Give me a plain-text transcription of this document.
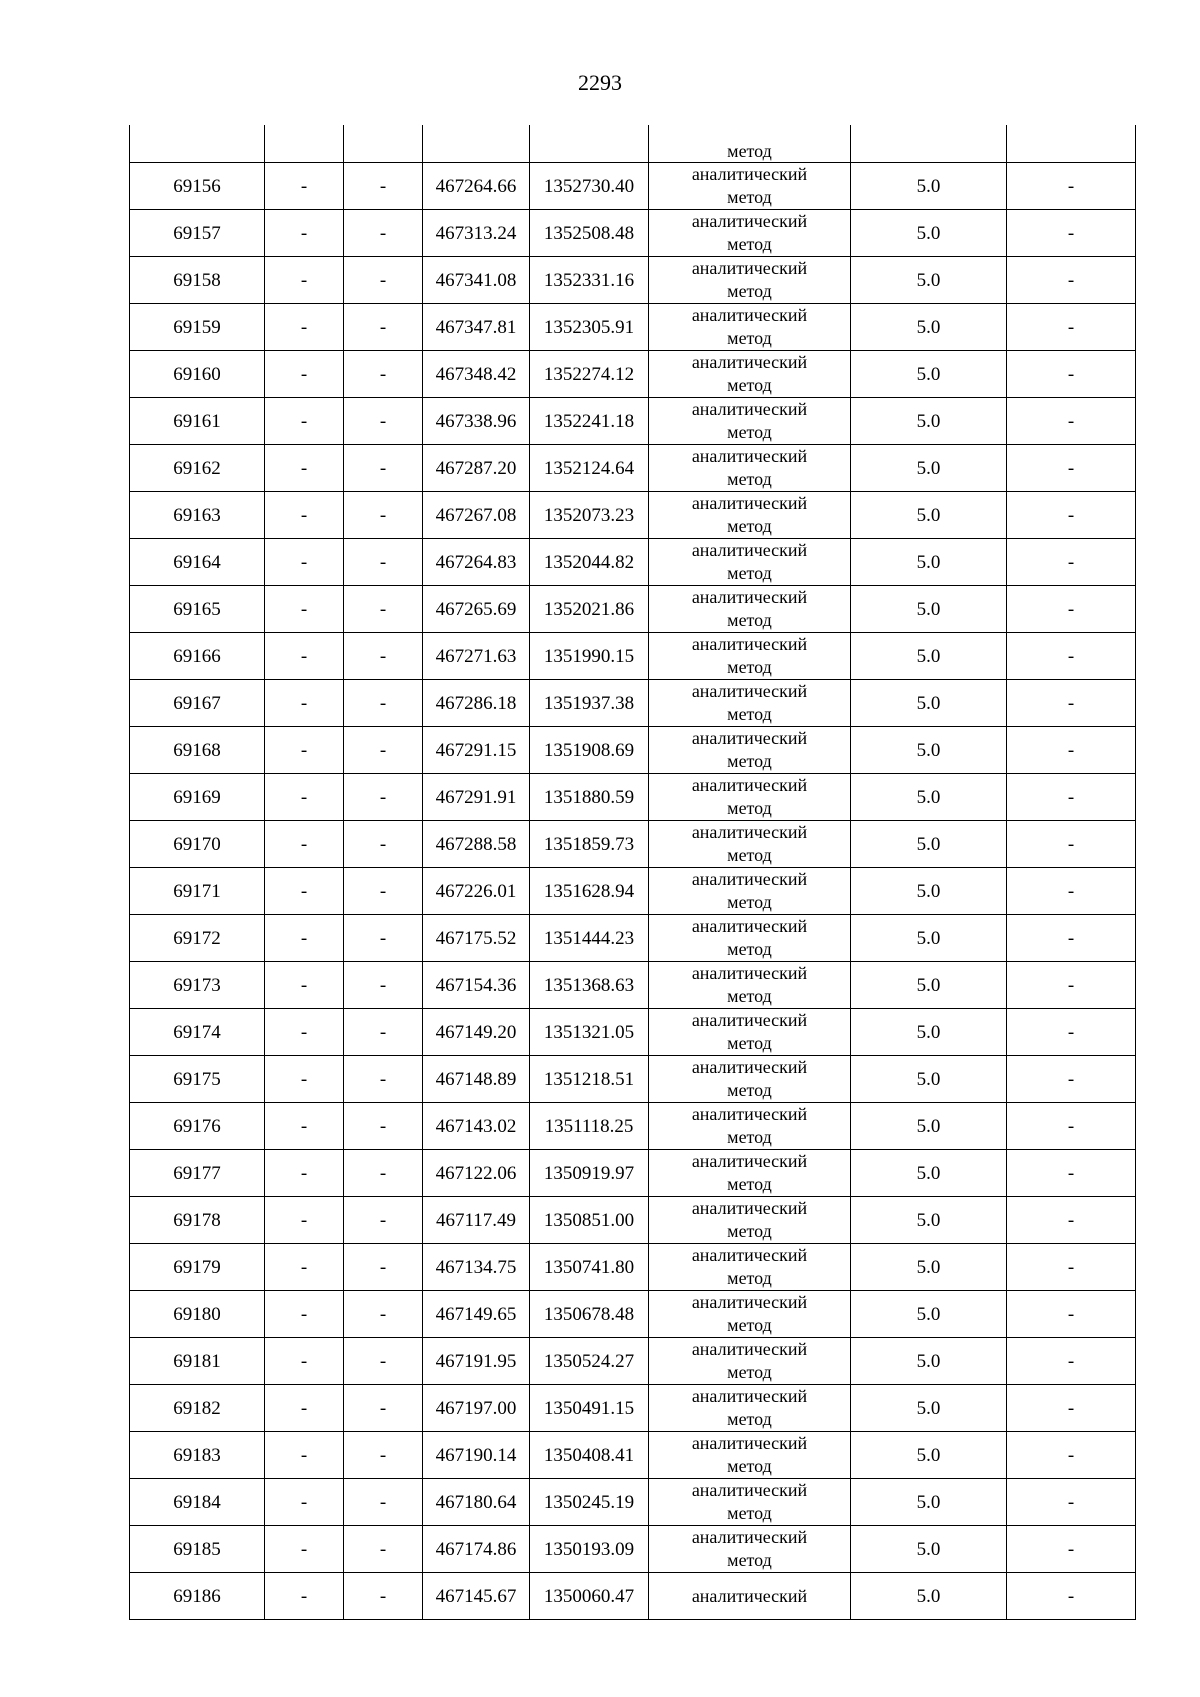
2293

					метод		

69156	-	-	467264.66	1352730.40	аналитический
метод	5.0	-
69157	-	-	467313.24	1352508.48	аналитический
метод	5.0	-
69158	-	-	467341.08	1352331.16	аналитический
метод	5.0	-
69159	-	-	467347.81	1352305.91	аналитический
метод	5.0	-
69160	-	-	467348.42	1352274.12	аналитический
метод	5.0	-
69161	-	-	467338.96	1352241.18	аналитический
метод	5.0	-
69162	-	-	467287.20	1352124.64	аналитический
метод	5.0	-
69163	-	-	467267.08	1352073.23	аналитический
метод	5.0	-
69164	-	-	467264.83	1352044.82	аналитический
метод	5.0	-
69165	-	-	467265.69	1352021.86	аналитический
метод	5.0	-
69166	-	-	467271.63	1351990.15	аналитический
метод	5.0	-
69167	-	-	467286.18	1351937.38	аналитический
метод	5.0	-
69168	-	-	467291.15	1351908.69	аналитический
метод	5.0	-
69169	-	-	467291.91	1351880.59	аналитический
метод	5.0	-
69170	-	-	467288.58	1351859.73	аналитический
метод	5.0	-
69171	-	-	467226.01	1351628.94	аналитический
метод	5.0	-
69172	-	-	467175.52	1351444.23	аналитический
метод	5.0	-
69173	-	-	467154.36	1351368.63	аналитический
метод	5.0	-
69174	-	-	467149.20	1351321.05	аналитический
метод	5.0	-
69175	-	-	467148.89	1351218.51	аналитический
метод	5.0	-
69176	-	-	467143.02	1351118.25	аналитический
метод	5.0	-
69177	-	-	467122.06	1350919.97	аналитический
метод	5.0	-
69178	-	-	467117.49	1350851.00	аналитический
метод	5.0	-
69179	-	-	467134.75	1350741.80	аналитический
метод	5.0	-
69180	-	-	467149.65	1350678.48	аналитический
метод	5.0	-
69181	-	-	467191.95	1350524.27	аналитический
метод	5.0	-
69182	-	-	467197.00	1350491.15	аналитический
метод	5.0	-
69183	-	-	467190.14	1350408.41	аналитический
метод	5.0	-
69184	-	-	467180.64	1350245.19	аналитический
метод	5.0	-
69185	-	-	467174.86	1350193.09	аналитический
метод	5.0	-
69186	-	-	467145.67	1350060.47	аналитический	5.0	-
